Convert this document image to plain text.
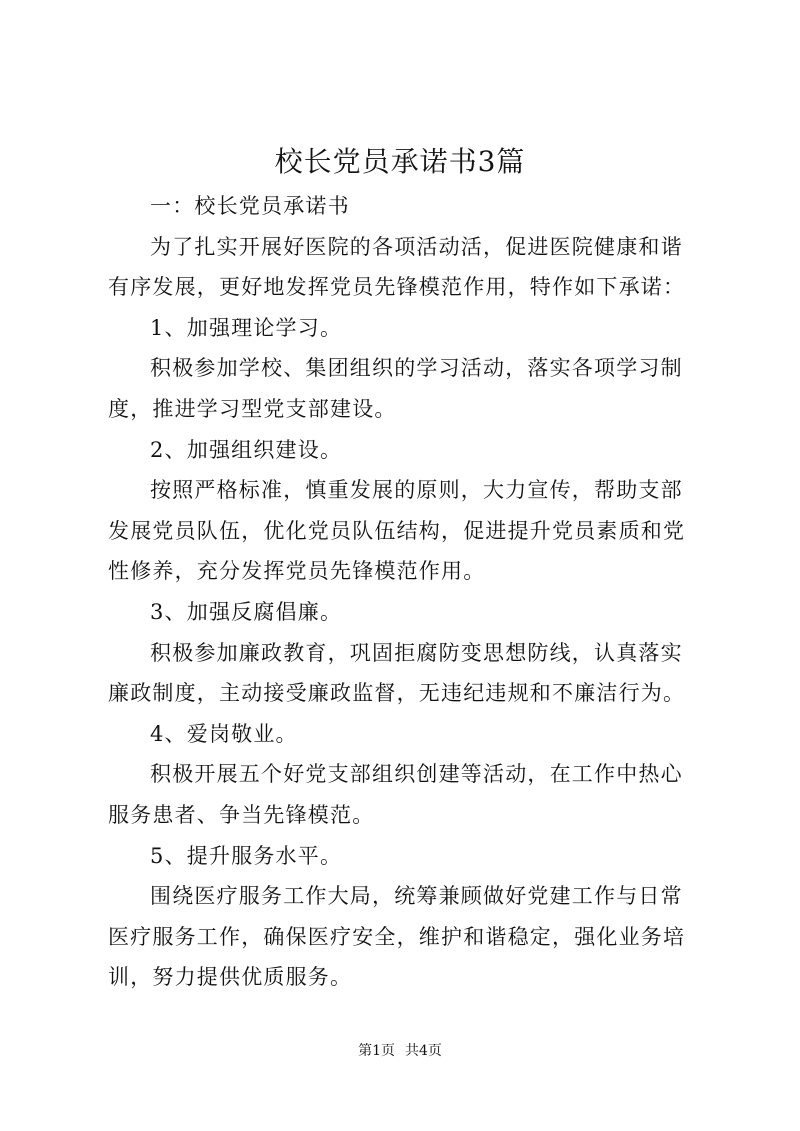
校长党员承诺书3篇

一：校长党员承诺书

为了扎实开展好医院的各项活动活，促进医院健康和谐有序发展，更好地发挥党员先锋模范作用，特作如下承诺：

1、加强理论学习。

积极参加学校、集团组织的学习活动，落实各项学习制度，推进学习型党支部建设。

2、加强组织建设。

按照严格标准，慎重发展的原则，大力宣传，帮助支部发展党员队伍，优化党员队伍结构，促进提升党员素质和党性修养，充分发挥党员先锋模范作用。

3、加强反腐倡廉。

积极参加廉政教育，巩固拒腐防变思想防线，认真落实廉政制度，主动接受廉政监督，无违纪违规和不廉洁行为。

4、爱岗敬业。

积极开展五个好党支部组织创建等活动，在工作中热心服务患者、争当先锋模范。

5、提升服务水平。

围绕医疗服务工作大局，统筹兼顾做好党建工作与日常医疗服务工作，确保医疗安全，维护和谐稳定，强化业务培训，努力提供优质服务。

第1页 共4页
